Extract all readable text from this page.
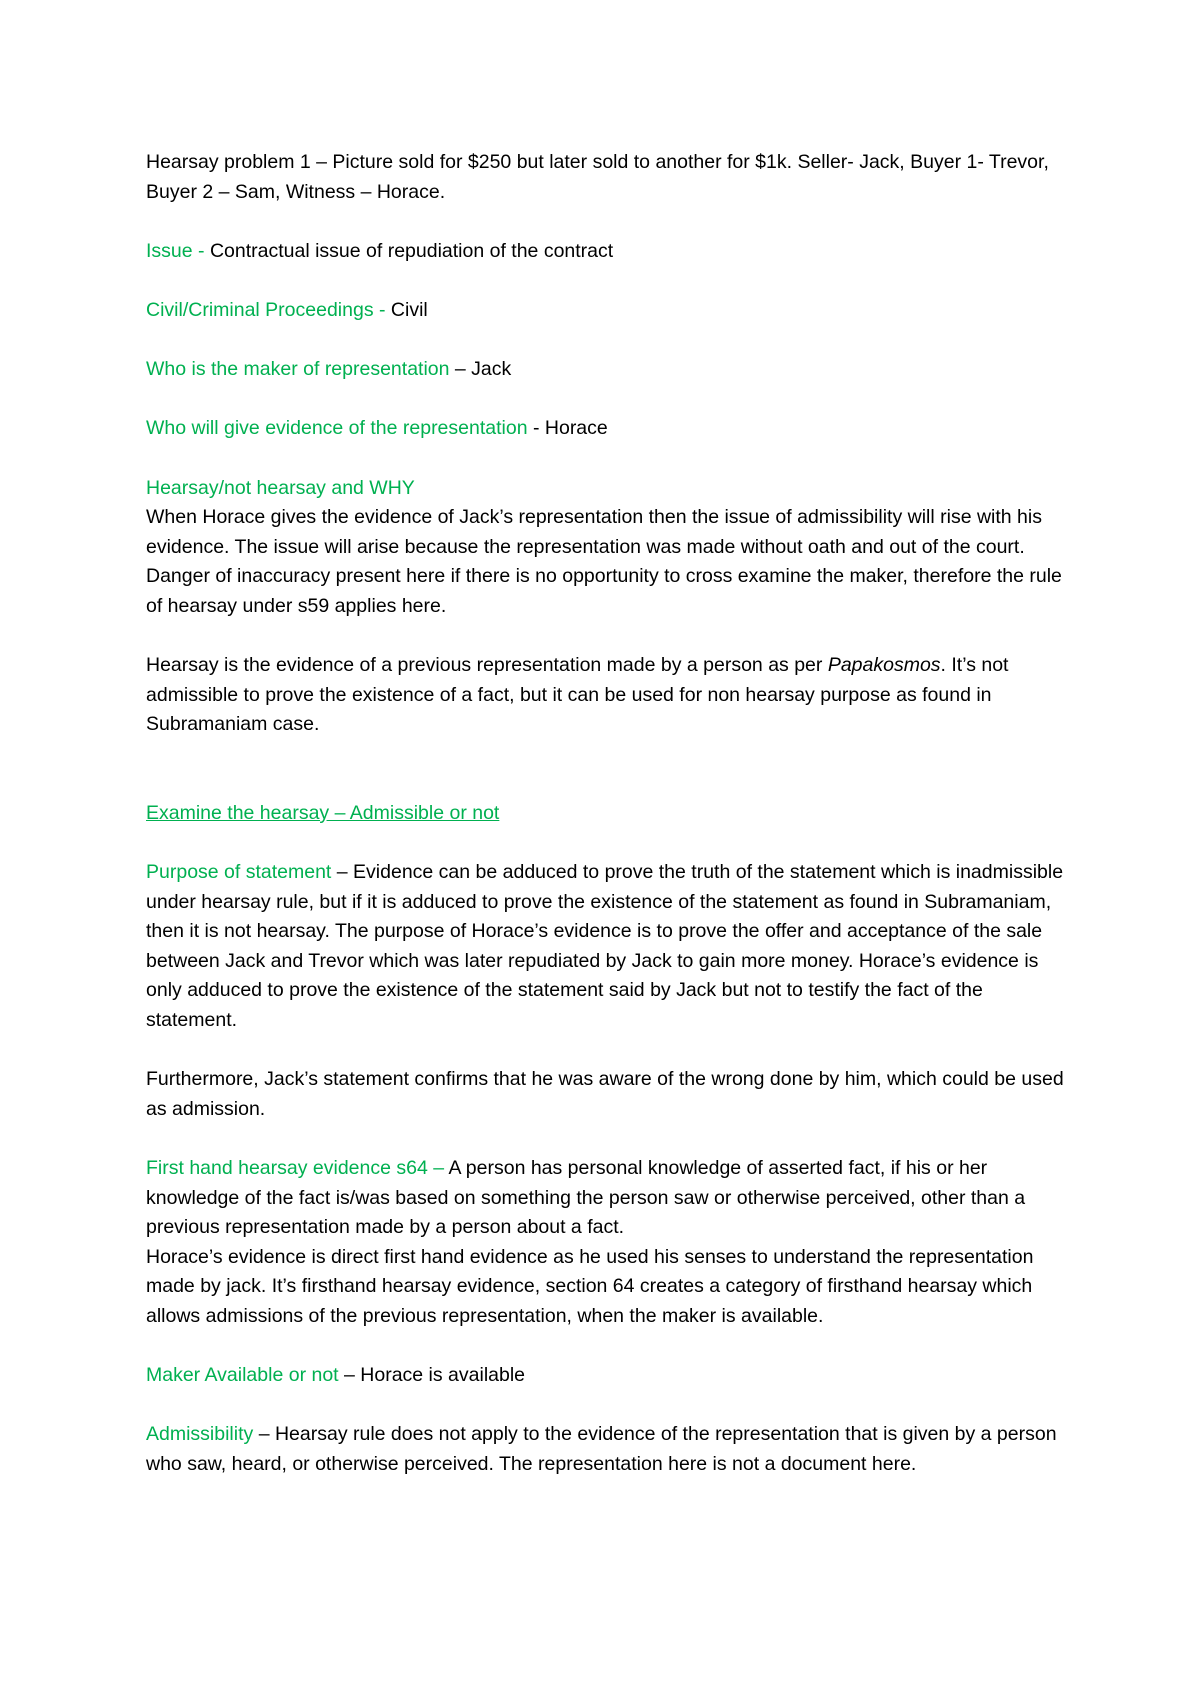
Hearsay problem 1 – Picture sold for $250 but later sold to another for $1k. Seller- Jack, Buyer 1- Trevor, Buyer 2 – Sam, Witness – Horace.

Issue - Contractual issue of repudiation of the contract

Civil/Criminal Proceedings - Civil

Who is the maker of representation – Jack

Who will give evidence of the representation - Horace

Hearsay/not hearsay and WHY

When Horace gives the evidence of Jack’s representation then the issue of admissibility will rise with his evidence. The issue will arise because the representation was made without oath and out of the court. Danger of inaccuracy present here if there is no opportunity to cross examine the maker, therefore the rule of hearsay under s59 applies here.

Hearsay is the evidence of a previous representation made by a person as per Papakosmos. It’s not admissible to prove the existence of a fact, but it can be used for non hearsay purpose as found in Subramaniam case.

Examine the hearsay – Admissible or not

Purpose of statement – Evidence can be adduced to prove the truth of the statement which is inadmissible under hearsay rule, but if it is adduced to prove the existence of the statement as found in Subramaniam, then it is not hearsay. The purpose of Horace’s evidence is to prove the offer and acceptance of the sale between Jack and Trevor which was later repudiated by Jack to gain more money. Horace’s evidence is only adduced to prove the existence of the statement said by Jack but not to testify the fact of the statement.

Furthermore, Jack’s statement confirms that he was aware of the wrong done by him, which could be used as admission.

First hand hearsay evidence s64 – A person has personal knowledge of asserted fact, if his or her knowledge of the fact is/was based on something the person saw or otherwise perceived, other than a previous representation made by a person about a fact.

Horace’s evidence is direct first hand evidence as he used his senses to understand the representation made by jack. It’s firsthand hearsay evidence, section 64 creates a category of firsthand hearsay which allows admissions of the previous representation, when the maker is available.

Maker Available or not – Horace is available

Admissibility – Hearsay rule does not apply to the evidence of the representation that is given by a person who saw, heard, or otherwise perceived. The representation here is not a document here.
